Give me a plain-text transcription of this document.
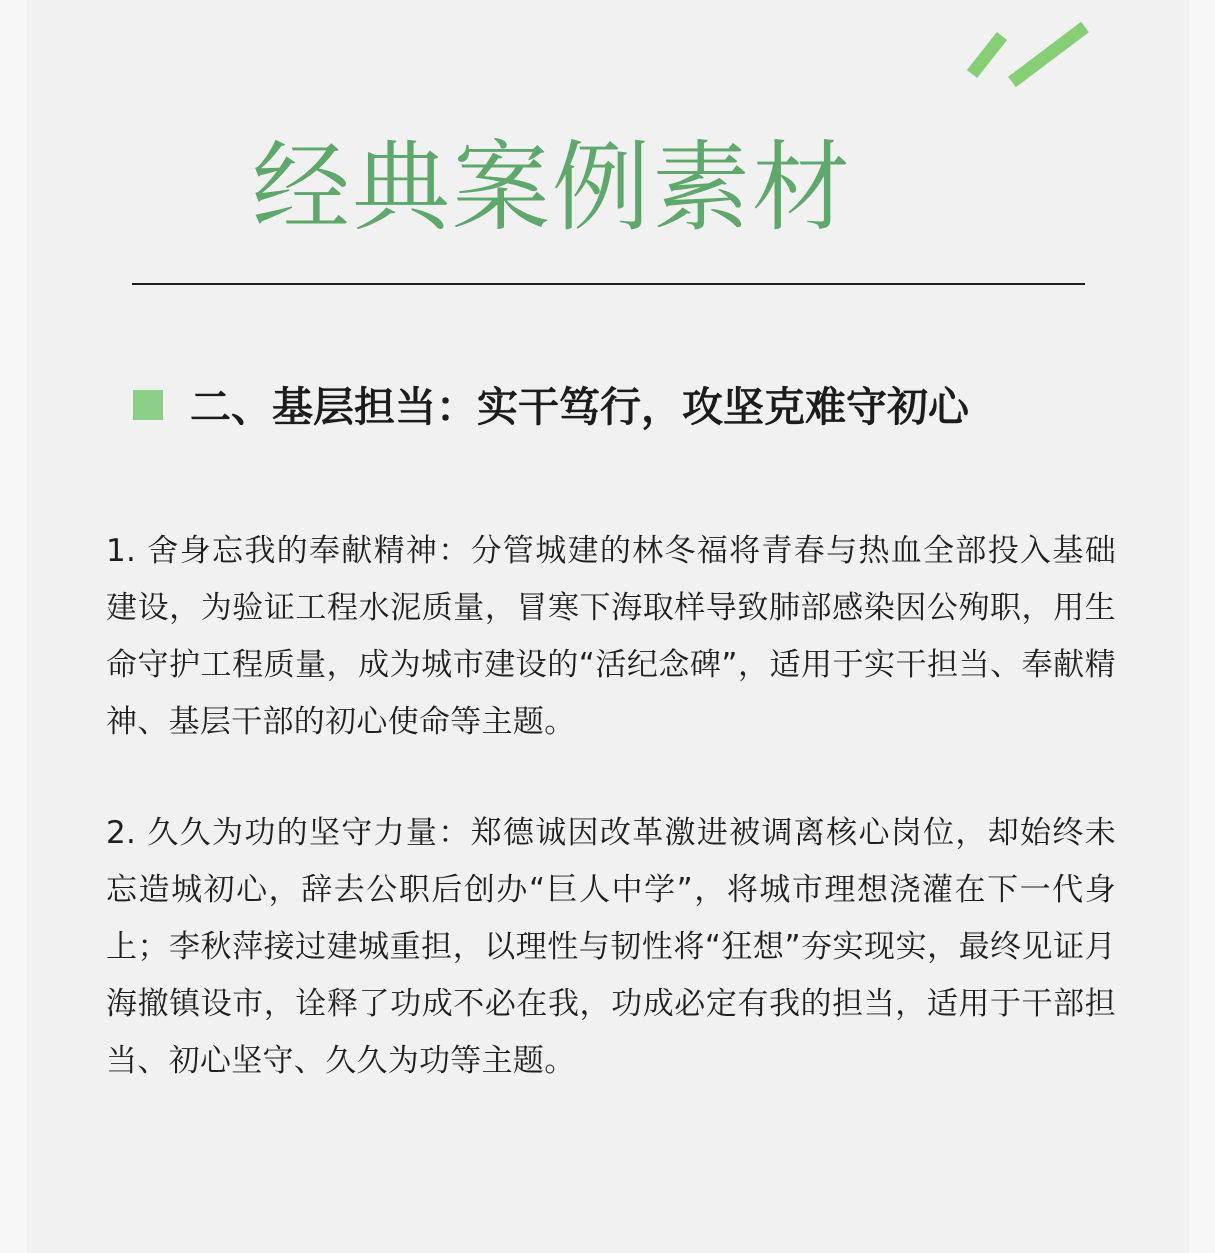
经典案例素材
二、基层担当：实干笃行，攻坚克难守初心

1. 舍身忘我的奉献精神：分管城建的林冬福将青春与热血全部投入基础建设，为验证工程水泥质量，冒寒下海取样导致肺部感染因公殉职，用生命守护工程质量，成为城市建设的“活纪念碑”，适用于实干担当、奉献精神、基层干部的初心使命等主题。

2. 久久为功的坚守力量：郑德诚因改革激进被调离核心岗位，却始终未忘造城初心，辞去公职后创办“巨人中学”，将城市理想浇灌在下一代身上；李秋萍接过建城重担，以理性与韧性将“狂想”夯实现实，最终见证月海撤镇设市，诠释了功成不必在我，功成必定有我的担当，适用于干部担当、初心坚守、久久为功等主题。
